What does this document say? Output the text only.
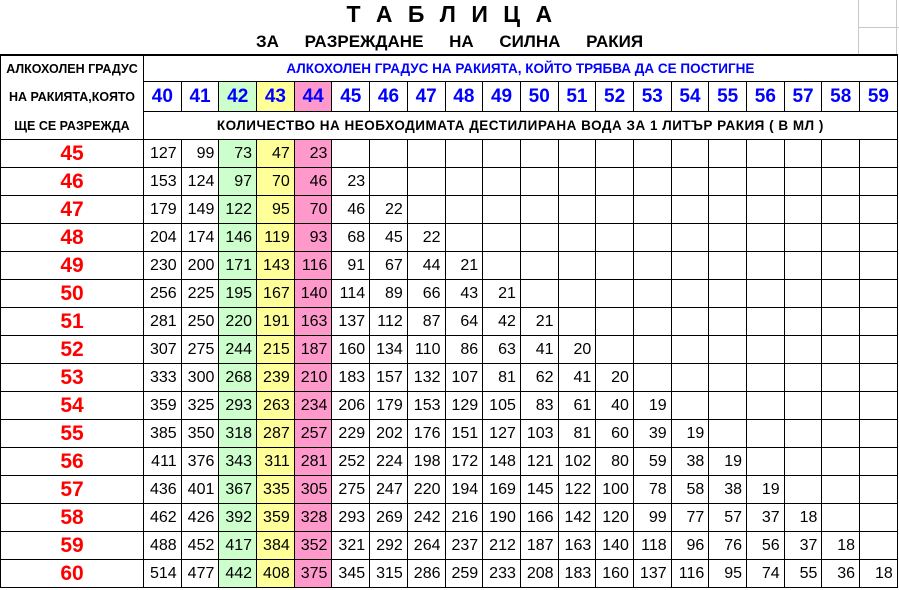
Т А Б Л И Ц А
ЗА РАЗРЕЖДАНЕ НА СИЛНА РАКИЯ
АЛКОХОЛЕН ГРАДУС
НА РАКИЯТА,КОЯТО
ЩЕ СЕ РАЗРЕЖДА
АЛКОХОЛЕН ГРАДУС НА РАКИЯТА, КОЙТО ТРЯБВА ДА СЕ ПОСТИГНЕ
КОЛИЧЕСТВО НА НЕОБХОДИМАТА ДЕСТИЛИРАНА ВОДА ЗА 1 ЛИТЪР РАКИЯ ( В МЛ )
40 41 42 43 44 45 46 47 48 49 50 51 52 53 54 55 56 57 58 59
45	127	99	73	47	23
46	153 124	97	70	46	23
47	179 149 122	95	70	46	22
48	204 174 146 119	93	68	45	22
49	230 200 171 143 116	91	67	44	21
50	256 225 195 167 140 114	89	66	43	21
51	281 250 220 191 163 137 112	87	64	42	21
52	307 275 244 215 187 160 134 110	86	63	41	20
53	333 300 268 239 210 183 157 132 107	81	62	41	20
54	359 325 293 263 234 206 179 153 129 105	83	61	40	19
55	385 350 318 287 257 229 202 176 151 127 103	81	60	39	19
56	411 376 343 311 281 252 224 198 172 148 121 102	80	59	38	19
57	436 401 367 335 305 275 247 220 194 169 145 122 100	78	58	38	19
58	462 426 392 359 328 293 269 242 216 190 166 142 120	99	77	57	37	18
59	488 452 417 384 352 321 292 264 237 212 187 163 140 118	96	76	56	37	18
60	514 477 442 408 375 345 315 286 259 233 208 183 160 137 116	95	74	55	36	18
